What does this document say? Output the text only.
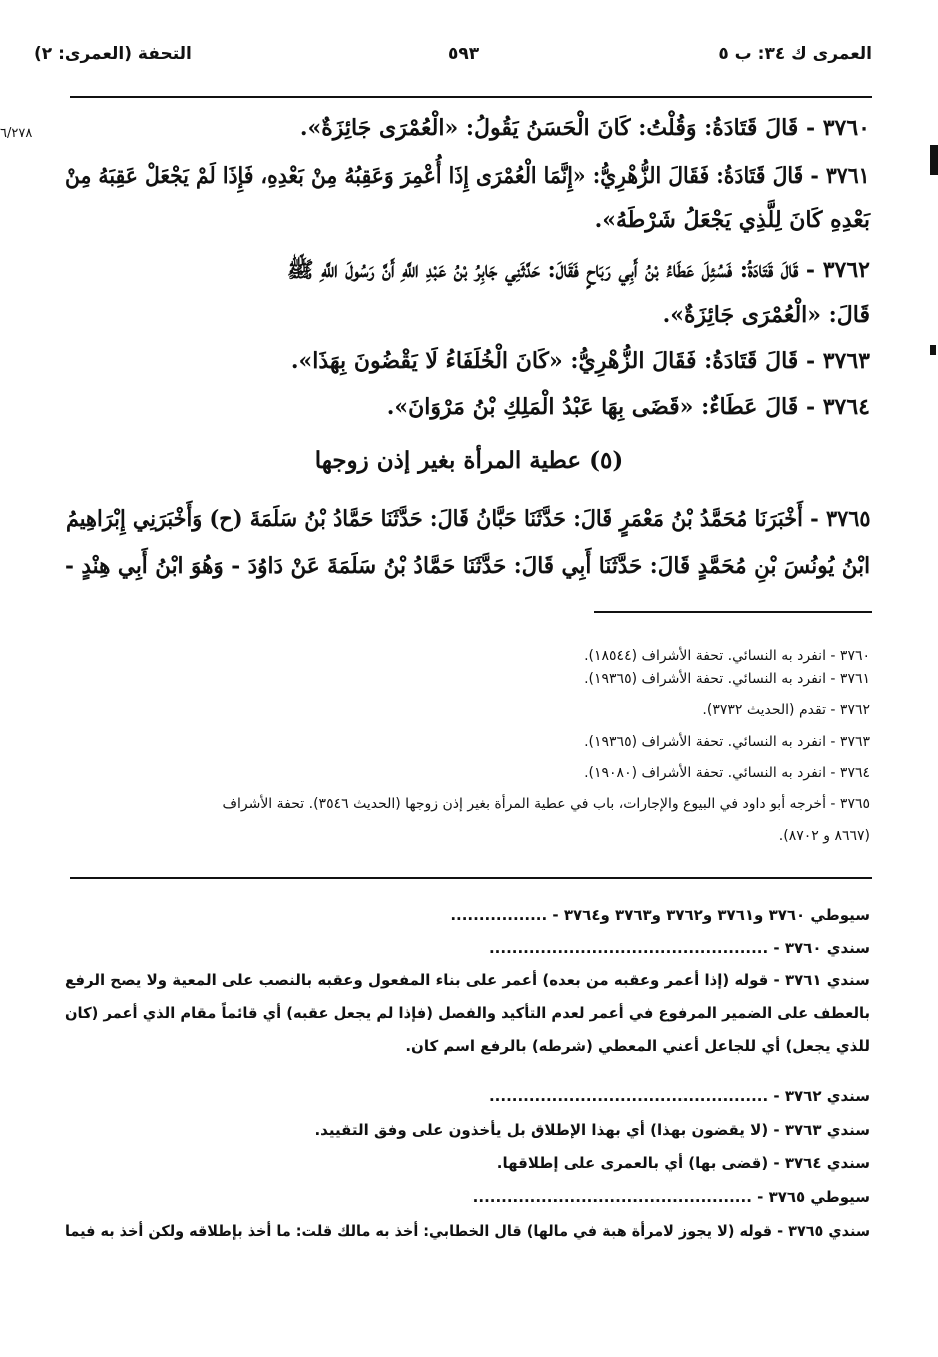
العمرى ك ٣٤: ب ٥
٥٩٣
التحفة (العمرى: ٢)
٦/٢٧٨	٣٧٦٠ - قَالَ قَتَادَةُ: وَقُلْتُ: كَانَ الْحَسَنُ يَقُولُ: «الْعُمْرَى جَائِزَةٌ».
٣٧٦١ - قَالَ قَتَادَةُ: فَقَالَ الزُّهْرِيُّ: «إِنَّمَا الْعُمْرَى إِذَا أُعْمِرَ وَعَقِبُهُ مِنْ بَعْدِهِ، فَإِذَا لَمْ يَجْعَلْ عَقِبَهُ مِنْ
بَعْدِهِ كَانَ لِلَّذِي يَجْعَلُ شَرْطَهُ».
٣٧٦٢ - قَالَ قَتَادَةُ: فَسُئِلَ عَطَاءُ بْنُ أَبِي رَبَاحٍ فَقَالَ: حَدَّثَنِي جَابِرُ بْنُ عَبْدِ اللَّهِ أَنَّ رَسُولَ اللَّهِ ﷺ
قَالَ: «الْعُمْرَى جَائِزَةٌ».
٣٧٦٣ - قَالَ قَتَادَةُ: فَقَالَ الزُّهْرِيُّ: «كَانَ الْخُلَفَاءُ لَا يَقْضُونَ بِهَذَا».
٣٧٦٤ - قَالَ عَطَاءٌ: «قَضَى بِهَا عَبْدُ الْمَلِكِ بْنُ مَرْوَانَ».
(٥) عطية المرأة بغير إذن زوجها
٣٧٦٥ - أَخْبَرَنَا مُحَمَّدُ بْنُ مَعْمَرٍ قَالَ: حَدَّثَنَا حَبَّانُ قَالَ: حَدَّثَنَا حَمَّادُ بْنُ سَلَمَةَ (ح) وَأَخْبَرَنِي إِبْرَاهِيمُ
ابْنُ يُونُسَ بْنِ مُحَمَّدٍ قَالَ: حَدَّثَنَا أَبِي قَالَ: حَدَّثَنَا حَمَّادُ بْنُ سَلَمَةَ عَنْ دَاوُدَ - وَهُوَ ابْنُ أَبِي هِنْدٍ -
٣٧٦٠ - انفرد به النسائي. تحفة الأشراف (١٨٥٤٤).
٣٧٦١ - انفرد به النسائي. تحفة الأشراف (١٩٣٦٥).
٣٧٦٢ - تقدم (الحديث ٣٧٣٢).
٣٧٦٣ - انفرد به النسائي. تحفة الأشراف (١٩٣٦٥).
٣٧٦٤ - انفرد به النسائي. تحفة الأشراف (١٩٠٨٠).
٣٧٦٥ - أخرجه أبو داود في البيوع والإجارات، باب في عطية المرأة بغير إذن زوجها (الحديث ٣٥٤٦). تحفة الأشراف
(٨٦٦٧ و ٨٧٠٢).
سيوطي ٣٧٦٠ و٣٧٦١ و٣٧٦٢ و٣٧٦٣ و٣٧٦٤ - .................
سندي ٣٧٦٠ - .................................................
سندي ٣٧٦١ - قوله (إذا أعمر وعقبه من بعده) أعمر على بناء المفعول وعقبه بالنصب على المعية ولا يصح الرفع
بالعطف على الضمير المرفوع في أعمر لعدم التأكيد والفصل (فإذا لم يجعل عقبه) أي قائماً مقام الذي أعمر (كان
للذي يجعل) أي للجاعل أعني المعطي (شرطه) بالرفع اسم كان.
سندي ٣٧٦٢ - .................................................
سندي ٣٧٦٣ - (لا يقضون بهذا) أي بهذا الإطلاق بل يأخذون على وفق التقييد.
سندي ٣٧٦٤ - (قضى بها) أي بالعمرى على إطلاقها.
سيوطي ٣٧٦٥ - .................................................
سندي ٣٧٦٥ - قوله (لا يجوز لامرأة هبة في مالها) قال الخطابي: أخذ به مالك قلت: ما أخذ بإطلاقه ولكن أخذ به فيما
